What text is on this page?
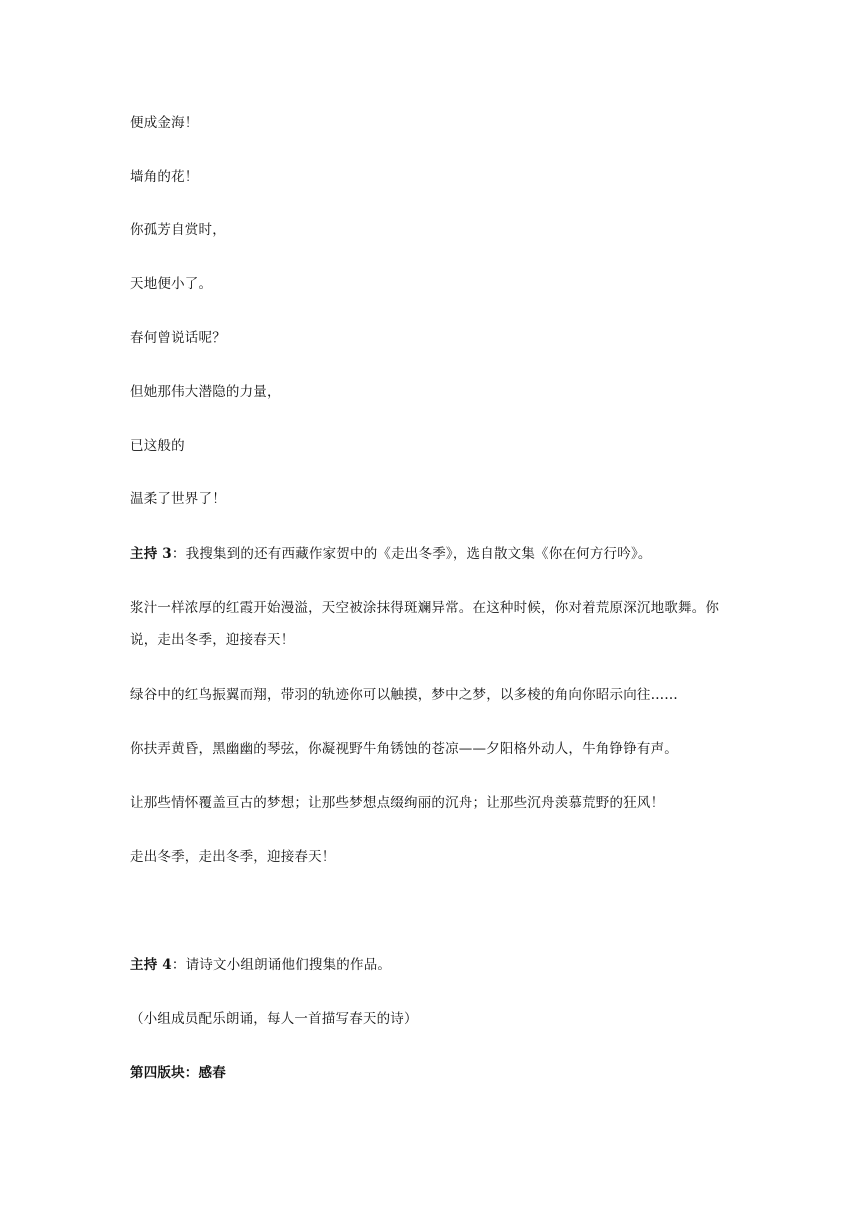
便成金海！
墙角的花！
你孤芳自赏时，
天地便小了。
春何曾说话呢？
但她那伟大潜隐的力量，
已这般的
温柔了世界了！
主持 3：我搜集到的还有西藏作家贺中的《走出冬季》，选自散文集《你在何方行吟》。
浆汁一样浓厚的红霞开始漫溢，天空被涂抹得斑斓异常。在这种时候，你对着荒原深沉地歌舞。你说，走出冬季，迎接春天！
绿谷中的红鸟振翼而翔，带羽的轨迹你可以触摸，梦中之梦，以多棱的角向你昭示向往……
你扶弄黄昏，黑幽幽的琴弦，你凝视野牛角锈蚀的苍凉——夕阳格外动人，牛角铮铮有声。
让那些情怀覆盖亘古的梦想；让那些梦想点缀绚丽的沉舟；让那些沉舟羡慕荒野的狂风！
走出冬季，走出冬季，迎接春天！
主持 4：请诗文小组朗诵他们搜集的作品。
（小组成员配乐朗诵，每人一首描写春天的诗）
第四版块：感春
